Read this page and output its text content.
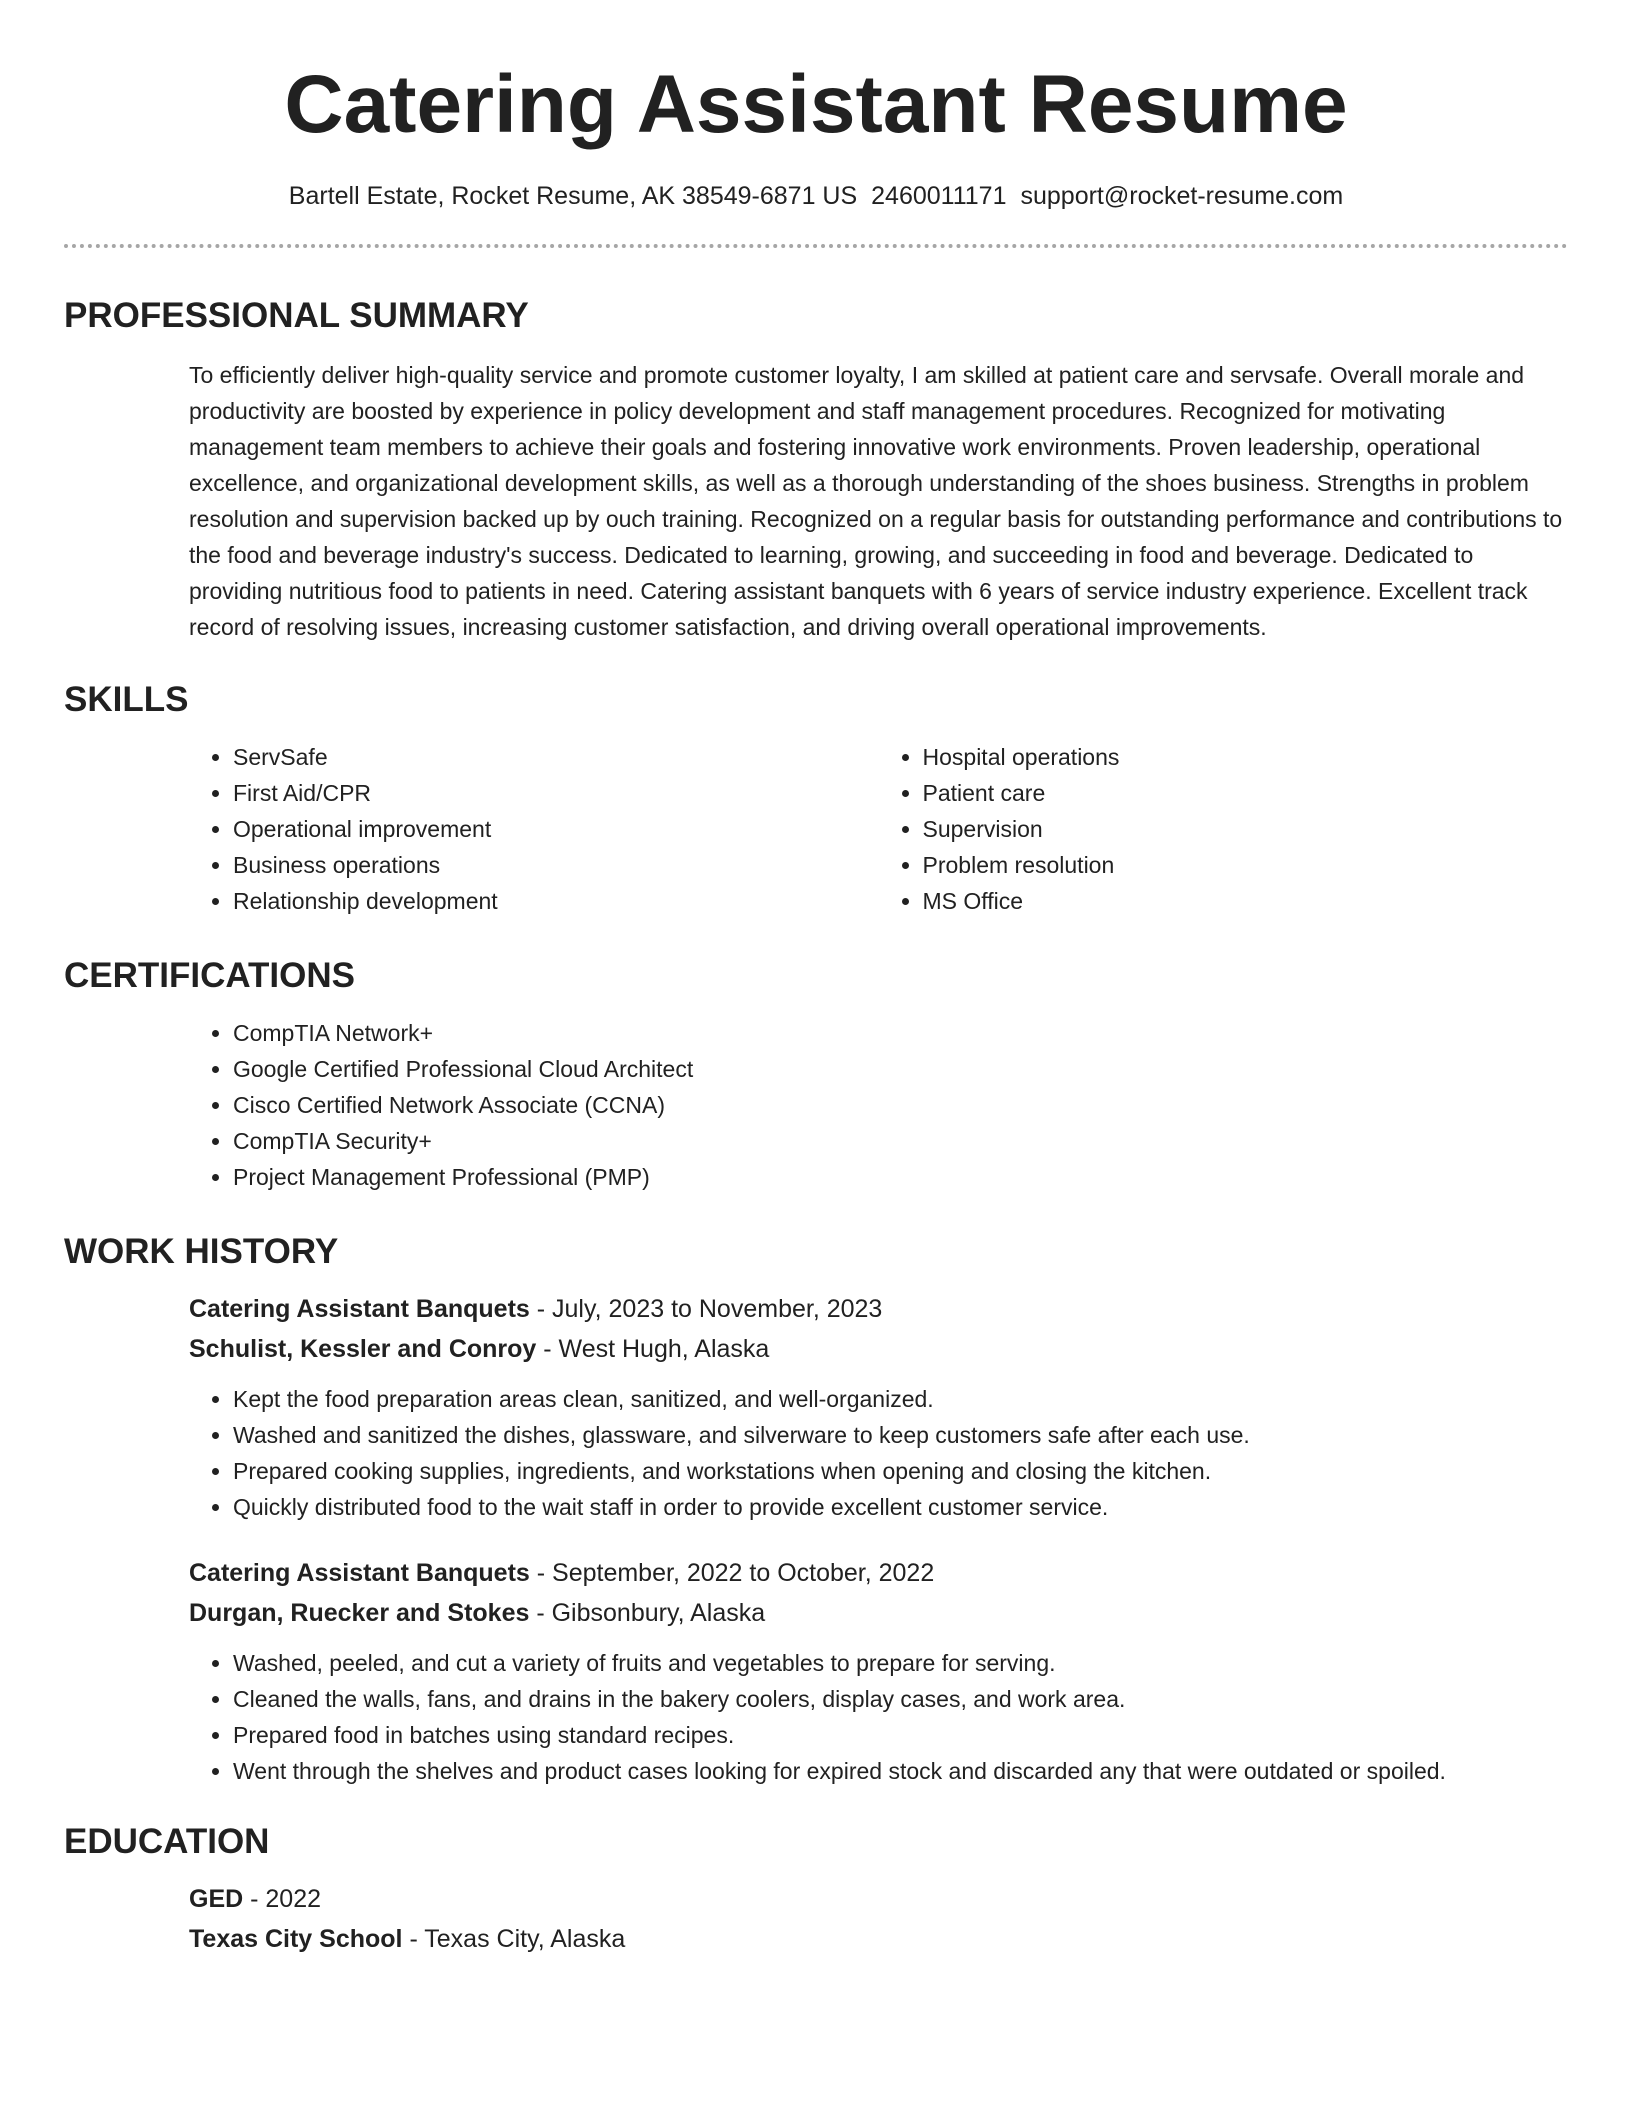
Catering Assistant Resume
Bartell Estate, Rocket Resume, AK 38549-6871 US 2460011171 support@rocket-resume.com
PROFESSIONAL SUMMARY

To efficiently deliver high-quality service and promote customer loyalty, I am skilled at patient care and servsafe. Overall morale and productivity are boosted by experience in policy development and staff management procedures. Recognized for motivating management team members to achieve their goals and fostering innovative work environments. Proven leadership, operational excellence, and organizational development skills, as well as a thorough understanding of the shoes business. Strengths in problem resolution and supervision backed up by ouch training. Recognized on a regular basis for outstanding performance and contributions to the food and beverage industry's success. Dedicated to learning, growing, and succeeding in food and beverage. Dedicated to providing nutritious food to patients in need. Catering assistant banquets with 6 years of service industry experience. Excellent track record of resolving issues, increasing customer satisfaction, and driving overall operational improvements.

SKILLS
• ServSafe
• First Aid/CPR
• Operational improvement
• Business operations
• Relationship development
• Hospital operations
• Patient care
• Supervision
• Problem resolution
• MS Office
CERTIFICATIONS
• CompTIA Network+
• Google Certified Professional Cloud Architect
• Cisco Certified Network Associate (CCNA)
• CompTIA Security+
• Project Management Professional (PMP)
WORK HISTORY
Catering Assistant Banquets - July, 2023 to November, 2023
Schulist, Kessler and Conroy - West Hugh, Alaska
• Kept the food preparation areas clean, sanitized, and well-organized.
• Washed and sanitized the dishes, glassware, and silverware to keep customers safe after each use.
• Prepared cooking supplies, ingredients, and workstations when opening and closing the kitchen.
• Quickly distributed food to the wait staff in order to provide excellent customer service.
Catering Assistant Banquets - September, 2022 to October, 2022
Durgan, Ruecker and Stokes - Gibsonbury, Alaska
• Washed, peeled, and cut a variety of fruits and vegetables to prepare for serving.
• Cleaned the walls, fans, and drains in the bakery coolers, display cases, and work area.
• Prepared food in batches using standard recipes.
• Went through the shelves and product cases looking for expired stock and discarded any that were outdated or spoiled.
EDUCATION
GED - 2022
Texas City School - Texas City, Alaska
